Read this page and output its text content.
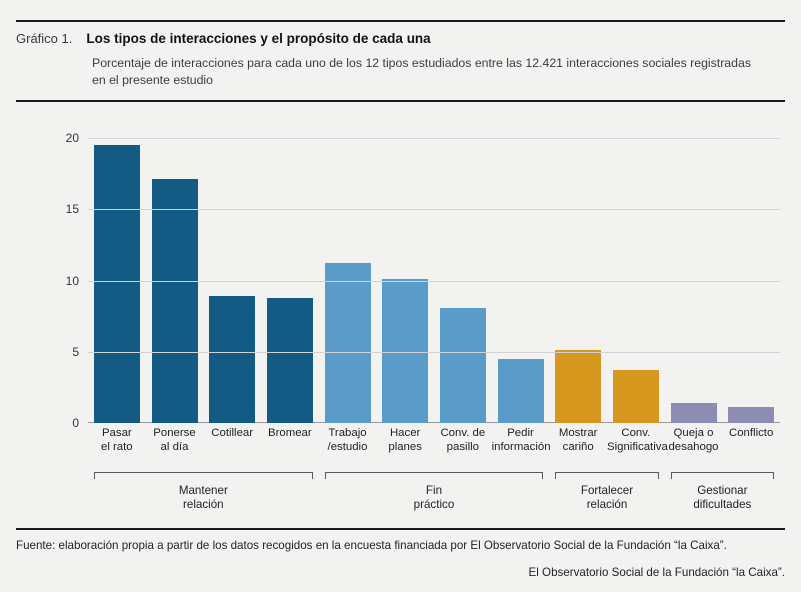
Gráfico 1. Los tipos de interacciones y el propósito de cada una
Porcentaje de interacciones para cada uno de los 12 tipos estudiados entre las 12.421 interacciones sociales registradas en el presente estudio
0
5
10
15
20
Pasar
el rato
Ponerse
al día
Cotillear	Bromear	Trabajo
/estudio
Hacer
planes
Conv. de
pasillo
Pedir
información
Mostrar
cariño
Conv.
Significativa
Queja o
desahogo
Conflicto
Mantener
relación
Fin
práctico
Fortalecer
relación
Gestionar
dificultades
Fuente: elaboración propia a partir de los datos recogidos en la encuesta financiada por El Observatorio Social de la Fundación “la Caixa”.
El Observatorio Social de la Fundación “la Caixa”.
